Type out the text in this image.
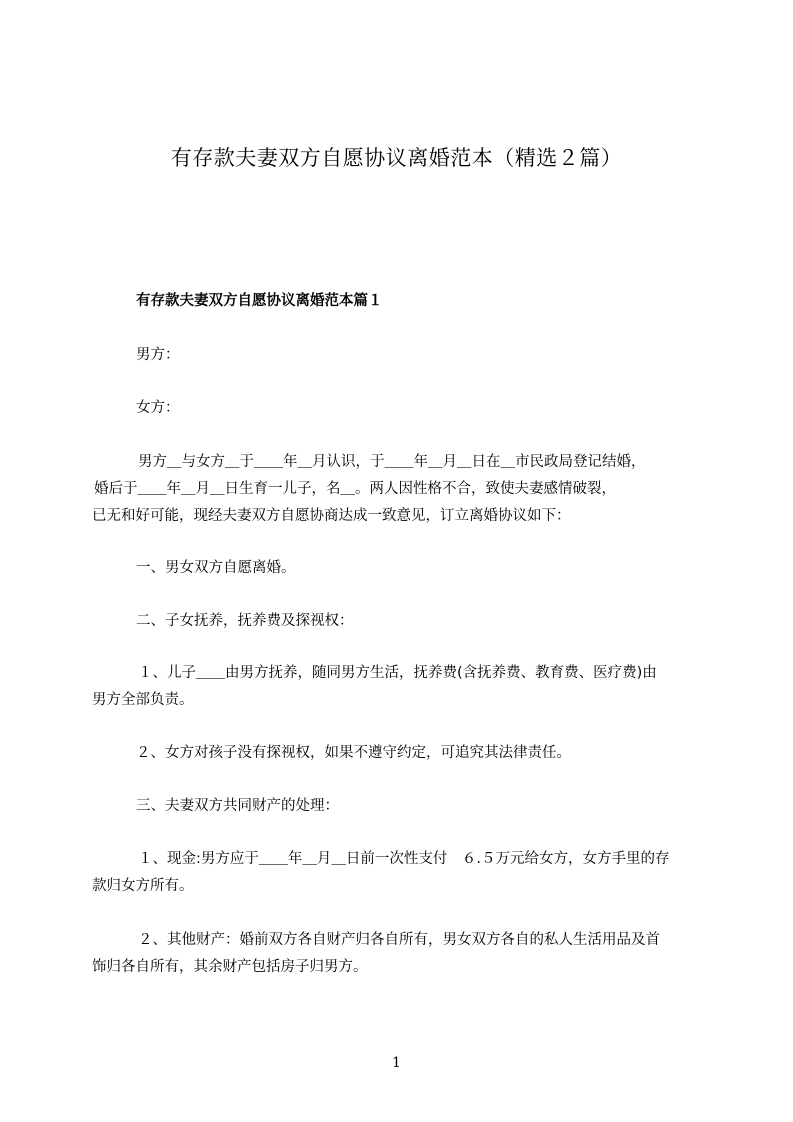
有存款夫妻双方自愿协议离婚范本（精选２篇）
有存款夫妻双方自愿协议离婚范本篇１
男方：
女方：
男方＿与女方＿于＿＿年＿月认识，于＿＿年＿月＿日在＿市民政局登记结婚，
婚后于＿＿年＿月＿日生育一儿子，名＿。两人因性格不合，致使夫妻感情破裂，
已无和好可能，现经夫妻双方自愿协商达成一致意见，订立离婚协议如下：
一、男女双方自愿离婚。
二、子女抚养，抚养费及探视权：
１、儿子＿＿由男方抚养，随同男方生活，抚养费(含抚养费、教育费、医疗费)由
男方全部负责。
２、女方对孩子没有探视权，如果不遵守约定，可追究其法律责任。
三、夫妻双方共同财产的处理：
１、现金:男方应于＿＿年＿月＿日前一次性支付　６.５万元给女方，女方手里的存
款归女方所有。
２、其他财产：婚前双方各自财产归各自所有，男女双方各自的私人生活用品及首
饰归各自所有，其余财产包括房子归男方。
1
